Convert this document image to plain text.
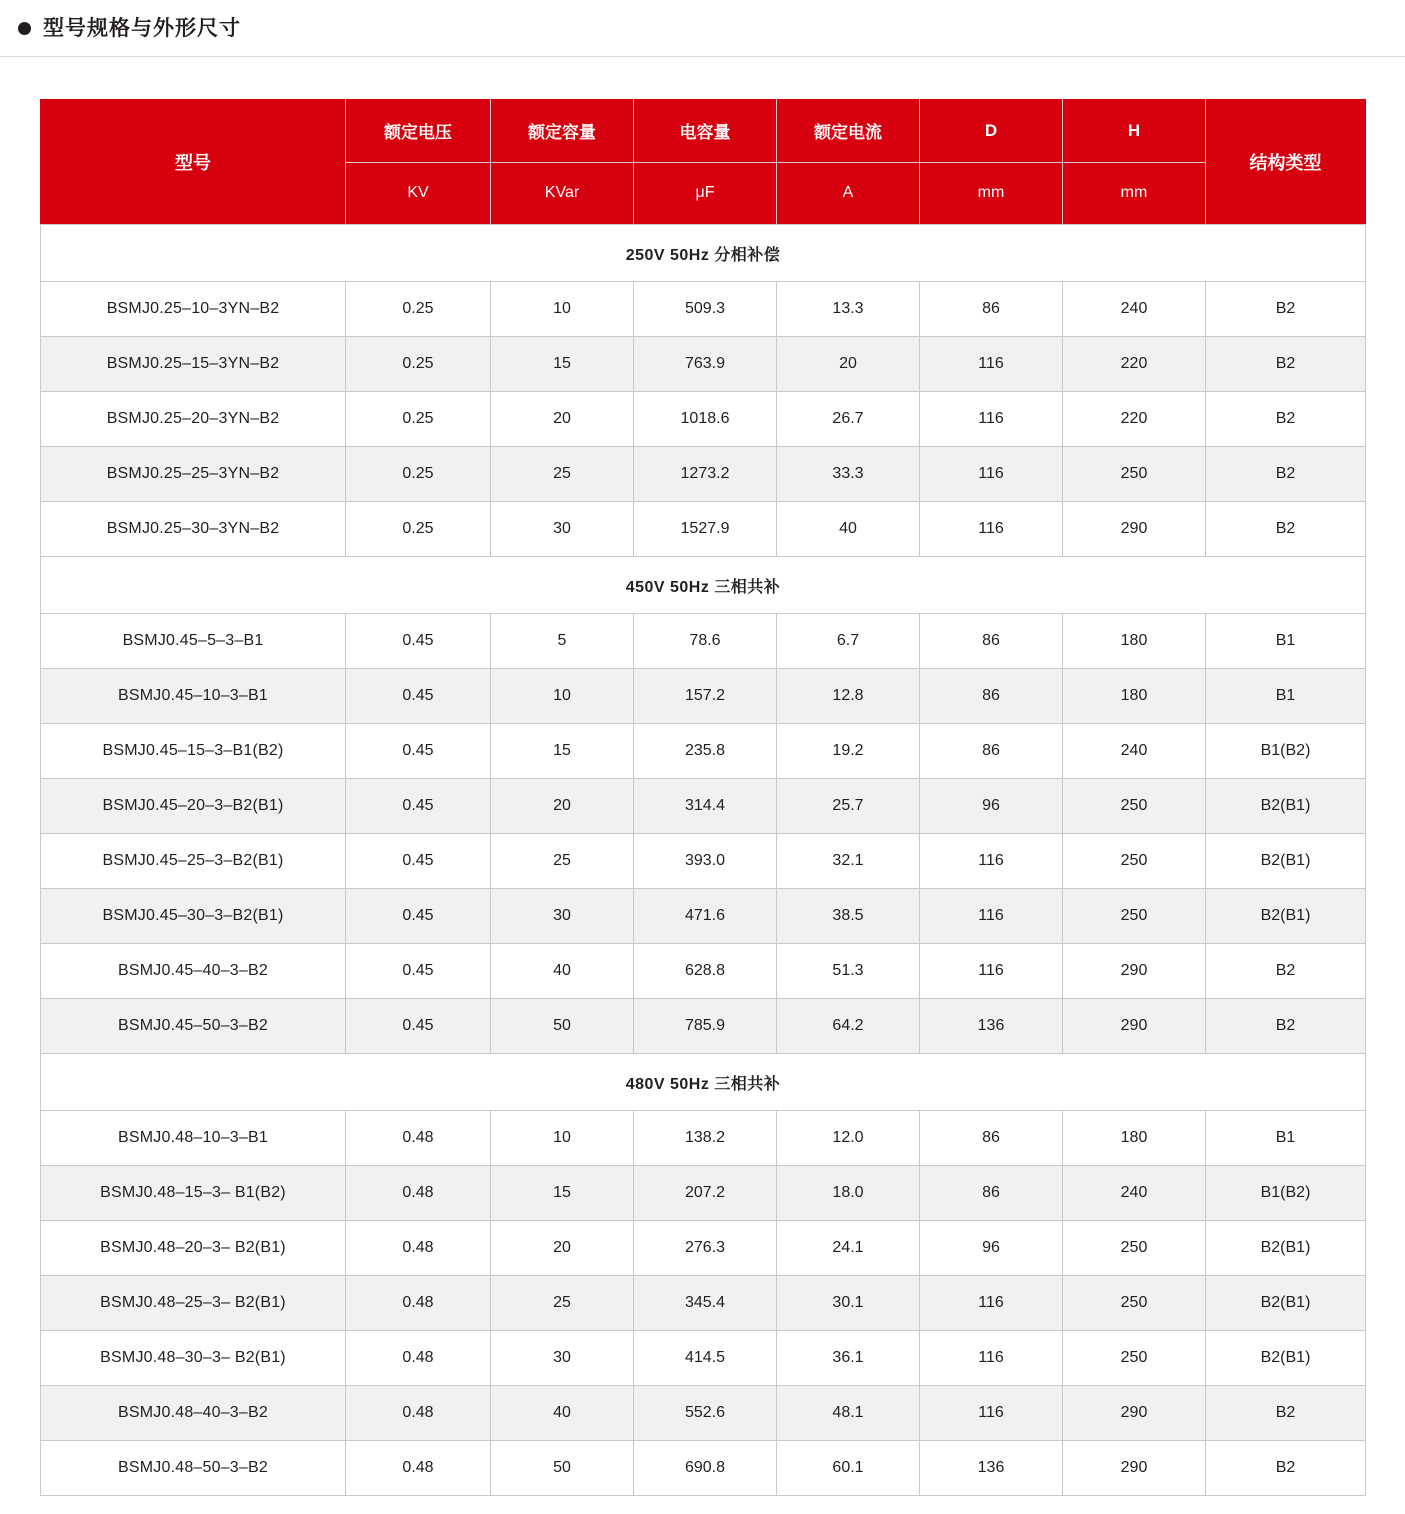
型号规格与外形尺寸
型号	额定电压	额定容量	电容量	额定电流	D	H	结构类型
	KV	KVar	μF	A	mm	mm	
250V 50Hz 分相补偿							
BSMJ0.25–10–3YN–B2	0.25	10	509.3	13.3	86	240	B2
BSMJ0.25–15–3YN–B2	0.25	15	763.9	20	116	220	B2
BSMJ0.25–20–3YN–B2	0.25	20	1018.6	26.7	116	220	B2
BSMJ0.25–25–3YN–B2	0.25	25	1273.2	33.3	116	250	B2
BSMJ0.25–30–3YN–B2	0.25	30	1527.9	40	116	290	B2
450V 50Hz 三相共补							
BSMJ0.45–5–3–B1	0.45	5	78.6	6.7	86	180	B1
BSMJ0.45–10–3–B1	0.45	10	157.2	12.8	86	180	B1
BSMJ0.45–15–3–B1(B2)	0.45	15	235.8	19.2	86	240	B1(B2)
BSMJ0.45–20–3–B2(B1)	0.45	20	314.4	25.7	96	250	B2(B1)
BSMJ0.45–25–3–B2(B1)	0.45	25	393.0	32.1	116	250	B2(B1)
BSMJ0.45–30–3–B2(B1)	0.45	30	471.6	38.5	116	250	B2(B1)
BSMJ0.45–40–3–B2	0.45	40	628.8	51.3	116	290	B2
BSMJ0.45–50–3–B2	0.45	50	785.9	64.2	136	290	B2
480V 50Hz 三相共补							
BSMJ0.48–10–3–B1	0.48	10	138.2	12.0	86	180	B1
BSMJ0.48–15–3– B1(B2)	0.48	15	207.2	18.0	86	240	B1(B2)
BSMJ0.48–20–3– B2(B1)	0.48	20	276.3	24.1	96	250	B2(B1)
BSMJ0.48–25–3– B2(B1)	0.48	25	345.4	30.1	116	250	B2(B1)
BSMJ0.48–30–3– B2(B1)	0.48	30	414.5	36.1	116	250	B2(B1)
BSMJ0.48–40–3–B2	0.48	40	552.6	48.1	116	290	B2
BSMJ0.48–50–3–B2	0.48	50	690.8	60.1	136	290	B2
